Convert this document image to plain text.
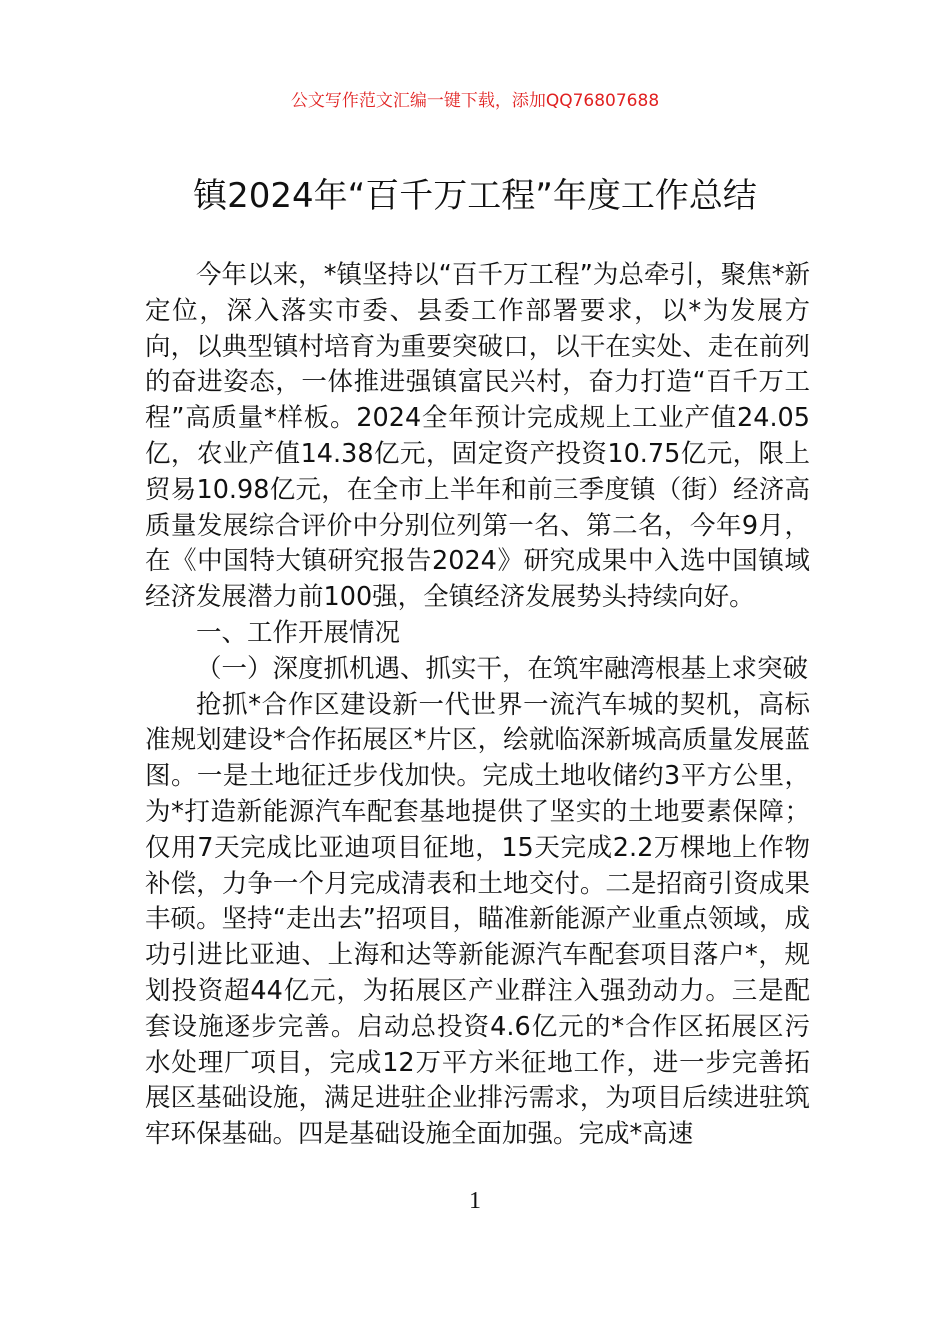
公文写作范文汇编一键下载，添加QQ76807688
镇2024年“百千万工程”年度工作总结

今年以来，*镇坚持以“百千万工程”为总牵引，聚焦*新定位，深入落实市委、县委工作部署要求，以*为发展方向，以典型镇村培育为重要突破口，以干在实处、走在前列的奋进姿态，一体推进强镇富民兴村，奋力打造“百千万工程”高质量*样板。2024全年预计完成规上工业产值24.05亿，农业产值14.38亿元，固定资产投资10.75亿元，限上贸易10.98亿元，在全市上半年和前三季度镇（街）经济高质量发展综合评价中分别位列第一名、第二名，今年9月，在《中国特大镇研究报告2024》研究成果中入选中国镇域经济发展潜力前100强，全镇经济发展势头持续向好。

一、工作开展情况

（一）深度抓机遇、抓实干，在筑牢融湾根基上求突破

抢抓*合作区建设新一代世界一流汽车城的契机，高标准规划建设*合作拓展区*片区，绘就临深新城高质量发展蓝图。一是土地征迁步伐加快。完成土地收储约3平方公里，为*打造新能源汽车配套基地提供了坚实的土地要素保障；仅用7天完成比亚迪项目征地，15天完成2.2万棵地上作物补偿，力争一个月完成清表和土地交付。二是招商引资成果丰硕。坚持“走出去”招项目，瞄准新能源产业重点领域，成功引进比亚迪、上海和达等新能源汽车配套项目落户*，规划投资超44亿元，为拓展区产业群注入强劲动力。三是配套设施逐步完善。启动总投资4.6亿元的*合作区拓展区污水处理厂项目，完成12万平方米征地工作，进一步完善拓展区基础设施，满足进驻企业排污需求，为项目后续进驻筑牢环保基础。四是基础设施全面加强。完成*高速

1
